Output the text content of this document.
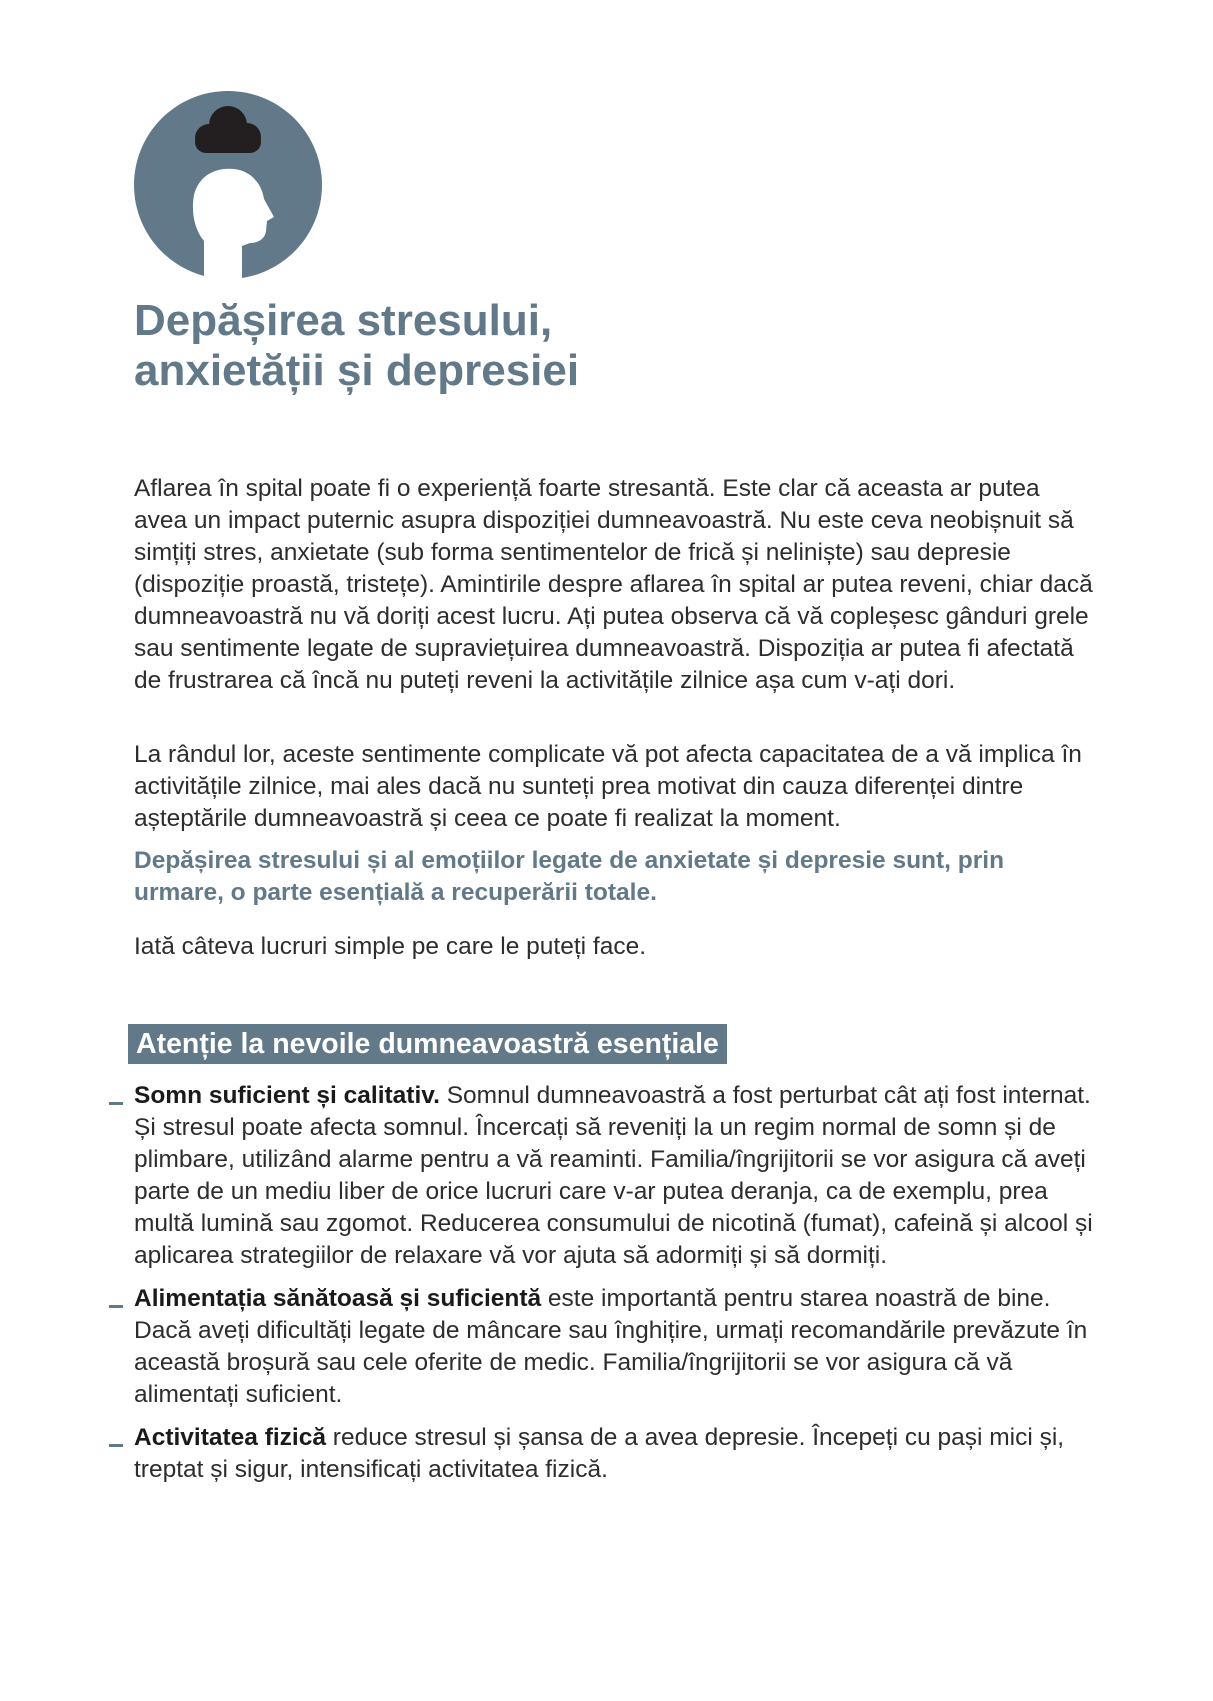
Depășirea stresului,
anxietății și depresiei

Aflarea în spital poate fi o experiență foarte stresantă. Este clar că aceasta ar putea avea un impact puternic asupra dispoziției dumneavoastră. Nu este ceva neobișnuit să simțiți stres, anxietate (sub forma sentimentelor de frică și neliniște) sau depresie (dispoziție proastă, tristețe). Amintirile despre aflarea în spital ar putea reveni, chiar dacă dumneavoastră nu vă doriți acest lucru. Ați putea observa că vă copleșesc gânduri grele sau sentimente legate de supraviețuirea dumneavoastră. Dispoziția ar putea fi afectată de frustrarea că încă nu puteți reveni la activitățile zilnice așa cum v-ați dori.

La rândul lor, aceste sentimente complicate vă pot afecta capacitatea de a vă implica în activitățile zilnice, mai ales dacă nu sunteți prea motivat din cauza diferenței dintre așteptările dumneavoastră și ceea ce poate fi realizat la moment.

Depășirea stresului și al emoțiilor legate de anxietate și depresie sunt, prin urmare, o parte esențială a recuperării totale.

Iată câteva lucruri simple pe care le puteți face.

Atenție la nevoile dumneavoastră esențiale
Somn suficient și calitativ. Somnul dumneavoastră a fost perturbat cât ați fost internat. Și stresul poate afecta somnul. Încercați să reveniți la un regim normal de somn și de plimbare, utilizând alarme pentru a vă reaminti. Familia/îngrijitorii se vor asigura că aveți parte de un mediu liber de orice lucruri care v-ar putea deranja, ca de exemplu, prea multă lumină sau zgomot. Reducerea consumului de nicotină (fumat), cafeină și alcool și aplicarea strategiilor de relaxare vă vor ajuta să adormiți și să dormiți.
Alimentația sănătoasă și suficientă este importantă pentru starea noastră de bine. Dacă aveți dificultăți legate de mâncare sau înghițire, urmați recomandările prevăzute în această broșură sau cele oferite de medic. Familia/îngrijitorii se vor asigura că vă alimentați suficient.
Activitatea fizică reduce stresul și șansa de a avea depresie. Începeți cu pași mici și, treptat și sigur, intensificați activitatea fizică.
